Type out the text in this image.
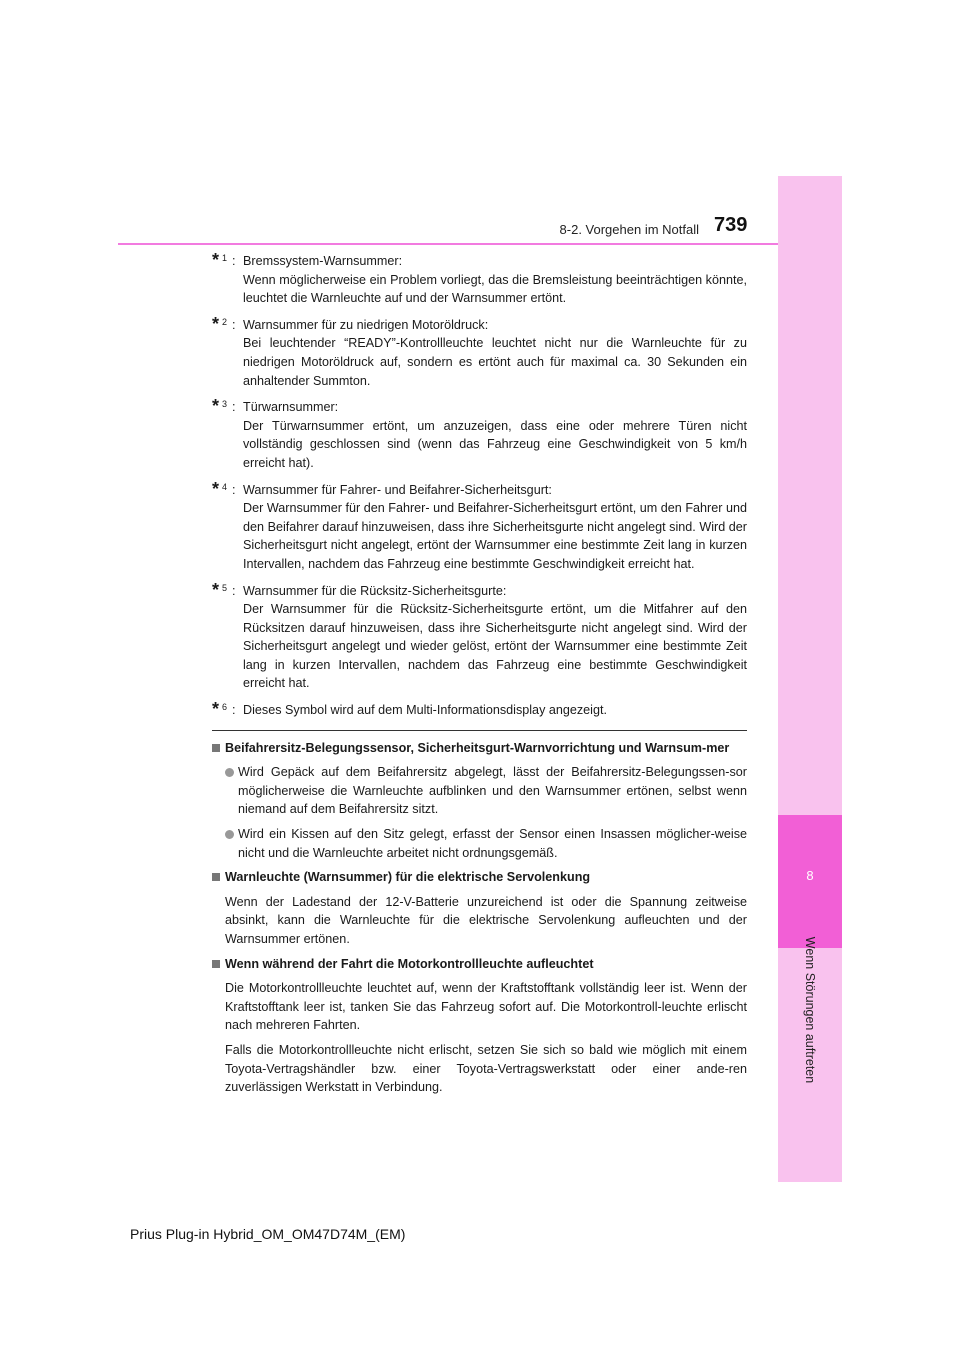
8
Wenn Störungen auftreten
739
8-2. Vorgehen im Notfall
* 1 : Bremssystem-Warnsummer:
Wenn möglicherweise ein Problem vorliegt, das die Bremsleistung beeinträchtigen könnte, leuchtet die Warnleuchte auf und der Warnsummer ertönt.
* 2 : Warnsummer für zu niedrigen Motoröldruck:
Bei leuchtender “READY”-Kontrollleuchte leuchtet nicht nur die Warnleuchte für zu niedrigen Motoröldruck auf, sondern es ertönt auch für maximal ca. 30 Sekunden ein anhaltender Summton.
* 3 : Türwarnsummer:
Der Türwarnsummer ertönt, um anzuzeigen, dass eine oder mehrere Türen nicht vollständig geschlossen sind (wenn das Fahrzeug eine Geschwindigkeit von 5 km/h erreicht hat).
* 4 : Warnsummer für Fahrer- und Beifahrer-Sicherheitsgurt:
Der Warnsummer für den Fahrer- und Beifahrer-Sicherheitsgurt ertönt, um den Fahrer und den Beifahrer darauf hinzuweisen, dass ihre Sicherheitsgurte nicht angelegt sind. Wird der Sicherheitsgurt nicht angelegt, ertönt der Warnsummer eine bestimmte Zeit lang in kurzen Intervallen, nachdem das Fahrzeug eine bestimmte Geschwindigkeit erreicht hat.
* 5 : Warnsummer für die Rücksitz-Sicherheitsgurte:
Der Warnsummer für die Rücksitz-Sicherheitsgurte ertönt, um die Mitfahrer auf den Rücksitzen darauf hinzuweisen, dass ihre Sicherheitsgurte nicht angelegt sind. Wird der Sicherheitsgurt angelegt und wieder gelöst, ertönt der Warnsummer eine bestimmte Zeit lang in kurzen Intervallen, nachdem das Fahrzeug eine bestimmte Geschwindigkeit erreicht hat.
* 6 : Dieses Symbol wird auf dem Multi-Informationsdisplay angezeigt.
Beifahrersitz-Belegungssensor, Sicherheitsgurt-Warnvorrichtung und Warnsum-mer
Wird Gepäck auf dem Beifahrersitz abgelegt, lässt der Beifahrersitz-Belegungssen-sor möglicherweise die Warnleuchte aufblinken und den Warnsummer ertönen, selbst wenn niemand auf dem Beifahrersitz sitzt.
Wird ein Kissen auf den Sitz gelegt, erfasst der Sensor einen Insassen möglicher-weise nicht und die Warnleuchte arbeitet nicht ordnungsgemäß.
Warnleuchte (Warnsummer) für die elektrische Servolenkung
Wenn der Ladestand der 12-V-Batterie unzureichend ist oder die Spannung zeitweise absinkt, kann die Warnleuchte für die elektrische Servolenkung aufleuchten und der Warnsummer ertönen.
Wenn während der Fahrt die Motorkontrollleuchte aufleuchtet
Die Motorkontrollleuchte leuchtet auf, wenn der Kraftstofftank vollständig leer ist. Wenn der Kraftstofftank leer ist, tanken Sie das Fahrzeug sofort auf. Die Motorkontroll-leuchte erlischt nach mehreren Fahrten.
Falls die Motorkontrollleuchte nicht erlischt, setzen Sie sich so bald wie möglich mit einem Toyota-Vertragshändler bzw. einer Toyota-Vertragswerkstatt oder einer ande-ren zuverlässigen Werkstatt in Verbindung.
Prius Plug-in Hybrid_OM_OM47D74M_(EM)
